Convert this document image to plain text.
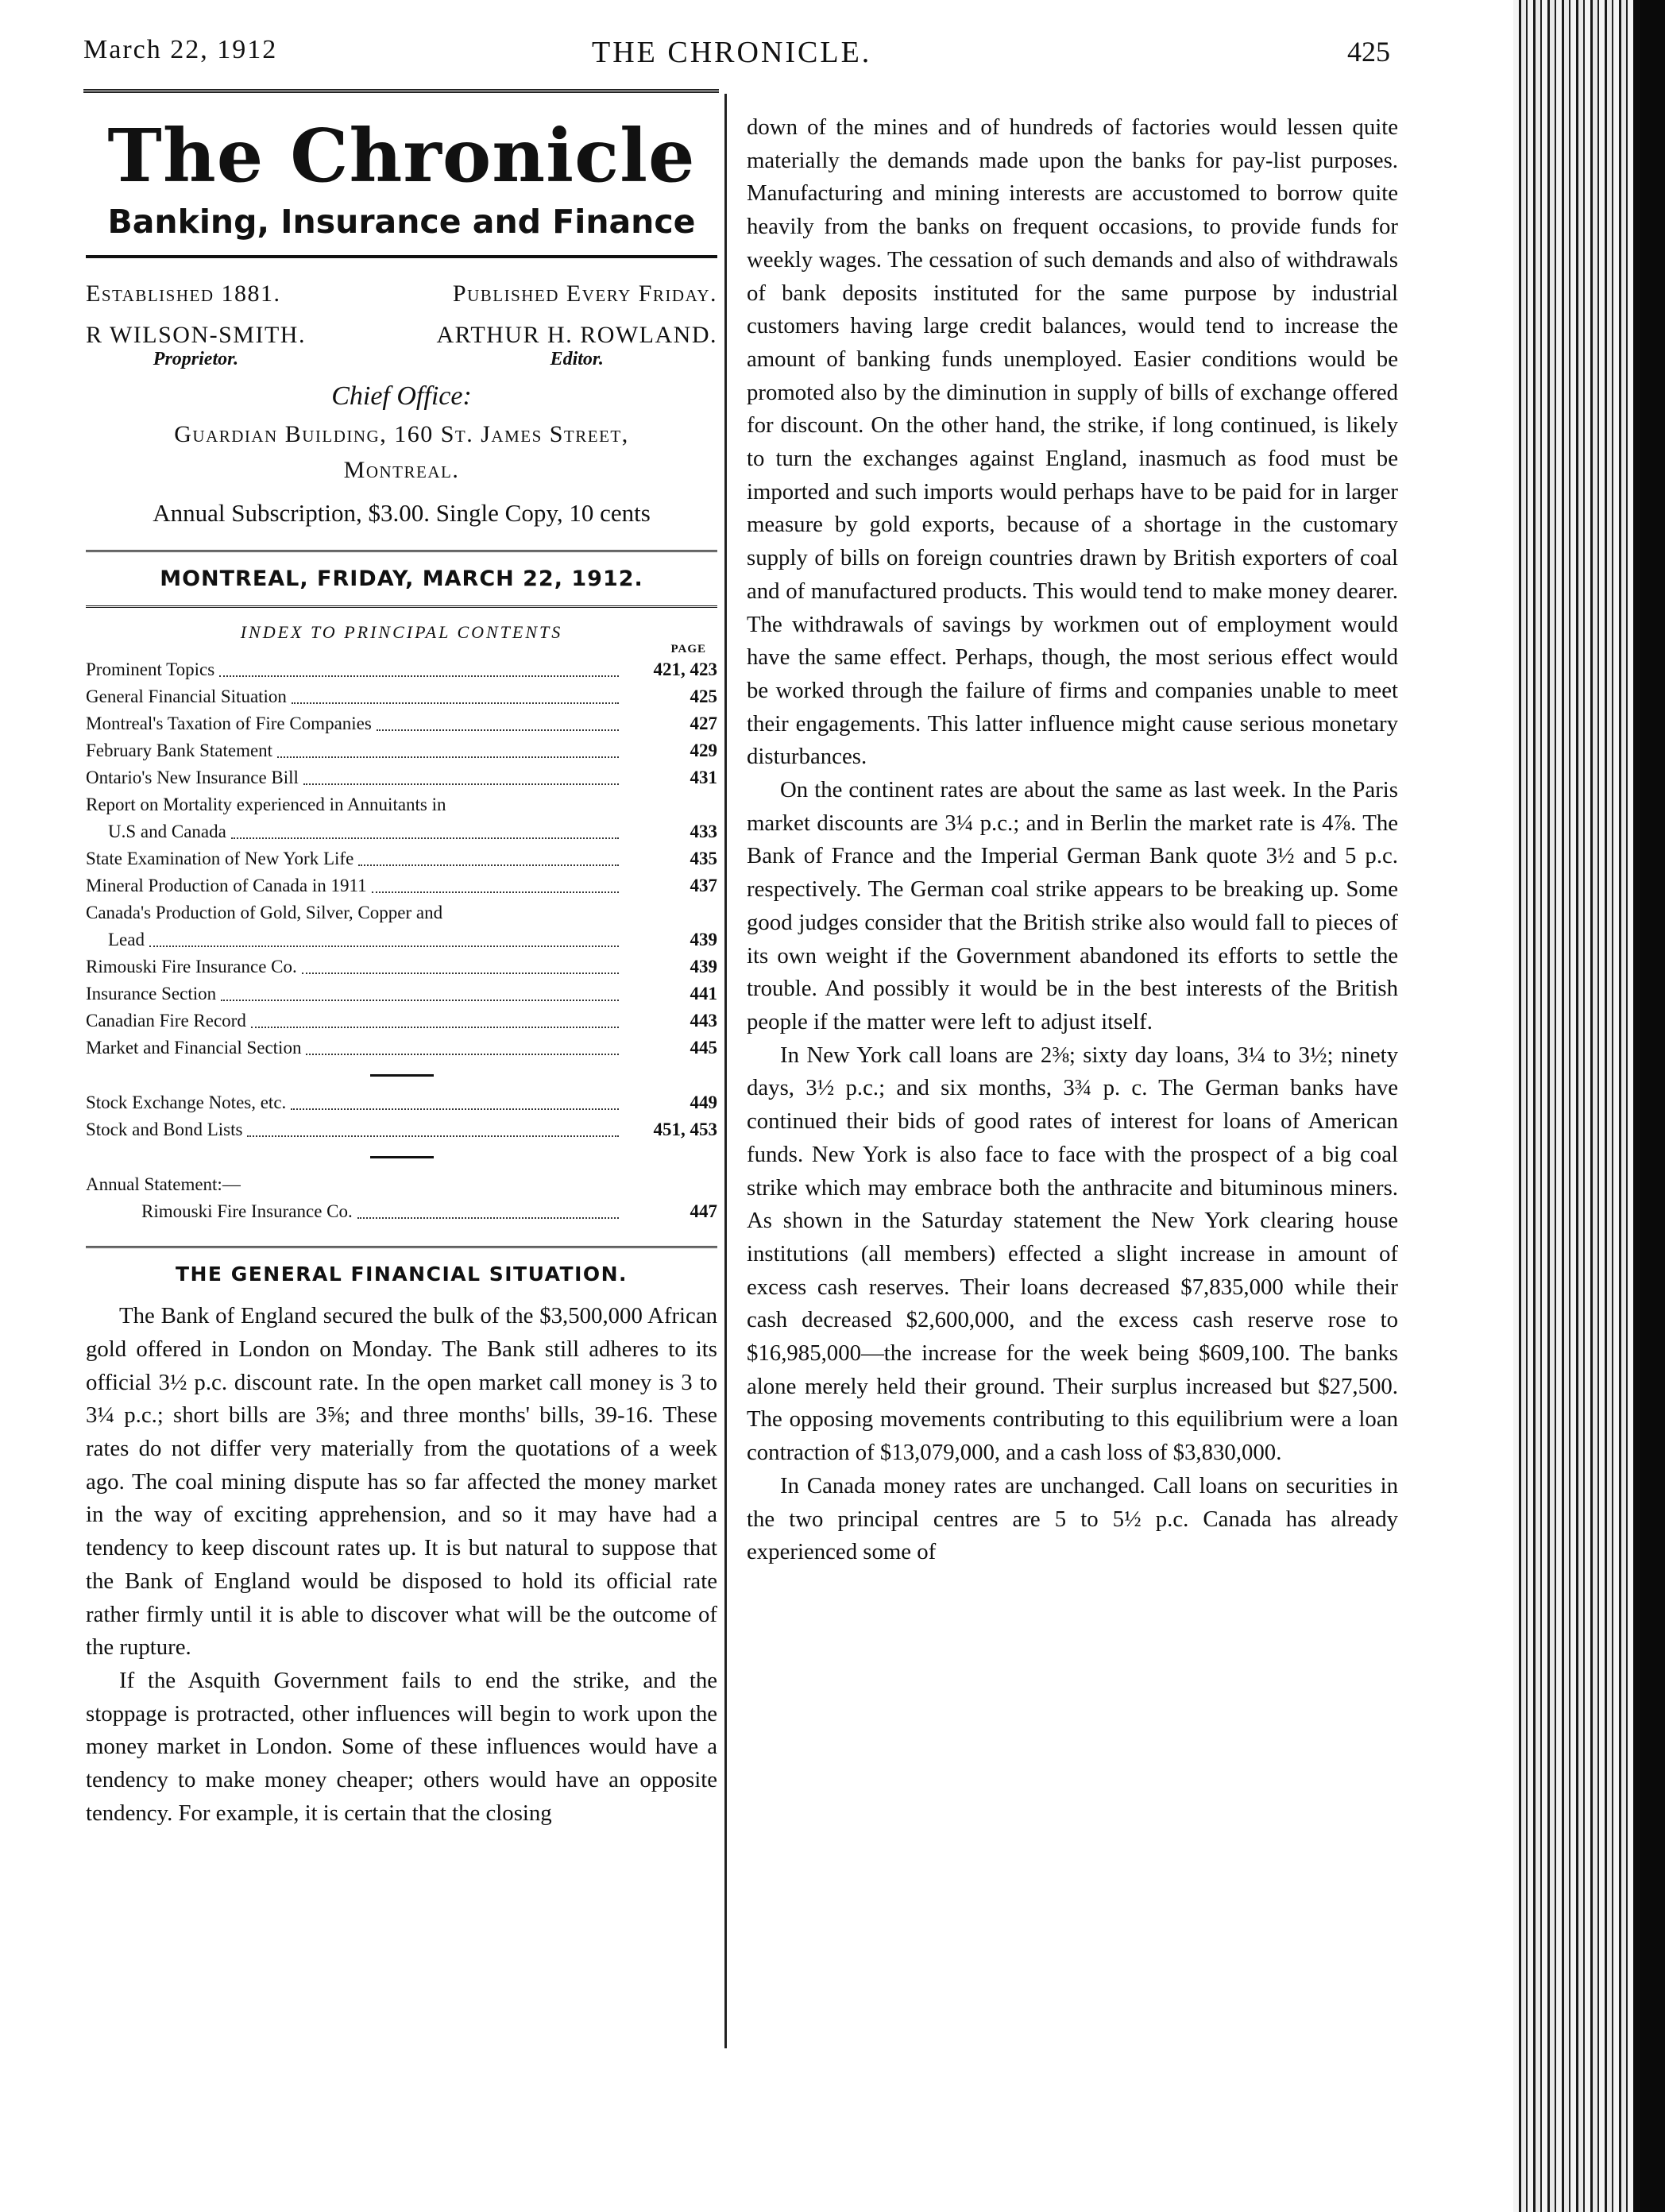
March 22, 1912	THE CHRONICLE.	425
The Chronicle
Banking, Insurance and Finance
Established 1881.	Published Every Friday.
R WILSON-SMITH.
Proprietor.
ARTHUR H. ROWLAND.
Editor.
Chief Office:
Guardian Building, 160 St. James Street,
Montreal.
Annual Subscription, $3.00. Single Copy, 10 cents
MONTREAL, FRIDAY, MARCH 22, 1912.
INDEX TO PRINCIPAL CONTENTS
PAGE
Prominent Topics	421, 423
General Financial Situation	425
Montreal's Taxation of Fire Companies	427
February Bank Statement	429
Ontario's New Insurance Bill	431
Report on Mortality experienced in Annuitants in
U.S and Canada	433
State Examination of New York Life	435
Mineral Production of Canada in 1911	437
Canada's Production of Gold, Silver, Copper and
Lead	439
Rimouski Fire Insurance Co.	439
Insurance Section	441
Canadian Fire Record	443
Market and Financial Section	445
Stock Exchange Notes, etc.	449
Stock and Bond Lists	451, 453
Annual Statement:—
Rimouski Fire Insurance Co.	447
THE GENERAL FINANCIAL SITUATION.

The Bank of England secured the bulk of the $3,500,000 African gold offered in London on Monday. The Bank still adheres to its official 3½ p.c. discount rate. In the open market call money is 3 to 3¼ p.c.; short bills are 3⅝; and three months' bills, 39-16. These rates do not differ very materially from the quotations of a week ago. The coal mining dispute has so far affected the money market in the way of exciting apprehension, and so it may have had a tendency to keep discount rates up. It is but natural to suppose that the Bank of England would be disposed to hold its official rate rather firmly until it is able to discover what will be the outcome of the rupture.

If the Asquith Government fails to end the strike, and the stoppage is protracted, other influences will begin to work upon the money market in London. Some of these influences would have a tendency to make money cheaper; others would have an opposite tendency. For example, it is certain that the closing

down of the mines and of hundreds of factories would lessen quite materially the demands made upon the banks for pay-list purposes. Manufacturing and mining interests are accustomed to borrow quite heavily from the banks on frequent occasions, to provide funds for weekly wages. The cessation of such demands and also of withdrawals of bank deposits instituted for the same purpose by industrial customers having large credit balances, would tend to increase the amount of banking funds unemployed. Easier conditions would be promoted also by the diminution in supply of bills of exchange offered for discount. On the other hand, the strike, if long continued, is likely to turn the exchanges against England, inasmuch as food must be imported and such imports would perhaps have to be paid for in larger measure by gold exports, because of a shortage in the customary supply of bills on foreign countries drawn by British exporters of coal and of manufactured products. This would tend to make money dearer. The withdrawals of savings by workmen out of employment would have the same effect. Perhaps, though, the most serious effect would be worked through the failure of firms and companies unable to meet their engagements. This latter influence might cause serious monetary disturbances.

On the continent rates are about the same as last week. In the Paris market discounts are 3¼ p.c.; and in Berlin the market rate is 4⅞. The Bank of France and the Imperial German Bank quote 3½ and 5 p.c. respectively. The German coal strike appears to be breaking up. Some good judges consider that the British strike also would fall to pieces of its own weight if the Government abandoned its efforts to settle the trouble. And possibly it would be in the best interests of the British people if the matter were left to adjust itself.

In New York call loans are 2⅜; sixty day loans, 3¼ to 3½; ninety days, 3½ p.c.; and six months, 3¾ p. c. The German banks have continued their bids of good rates of interest for loans of American funds. New York is also face to face with the prospect of a big coal strike which may embrace both the anthracite and bituminous miners. As shown in the Saturday statement the New York clearing house institutions (all members) effected a slight increase in amount of excess cash reserves. Their loans decreased $7,835,000 while their cash decreased $2,600,000, and the excess cash reserve rose to $16,985,000—the increase for the week being $609,100. The banks alone merely held their ground. Their surplus increased but $27,500. The opposing movements contributing to this equilibrium were a loan contraction of $13,079,000, and a cash loss of $3,830,000.

In Canada money rates are unchanged. Call loans on securities in the two principal centres are 5 to 5½ p.c. Canada has already experienced some of
